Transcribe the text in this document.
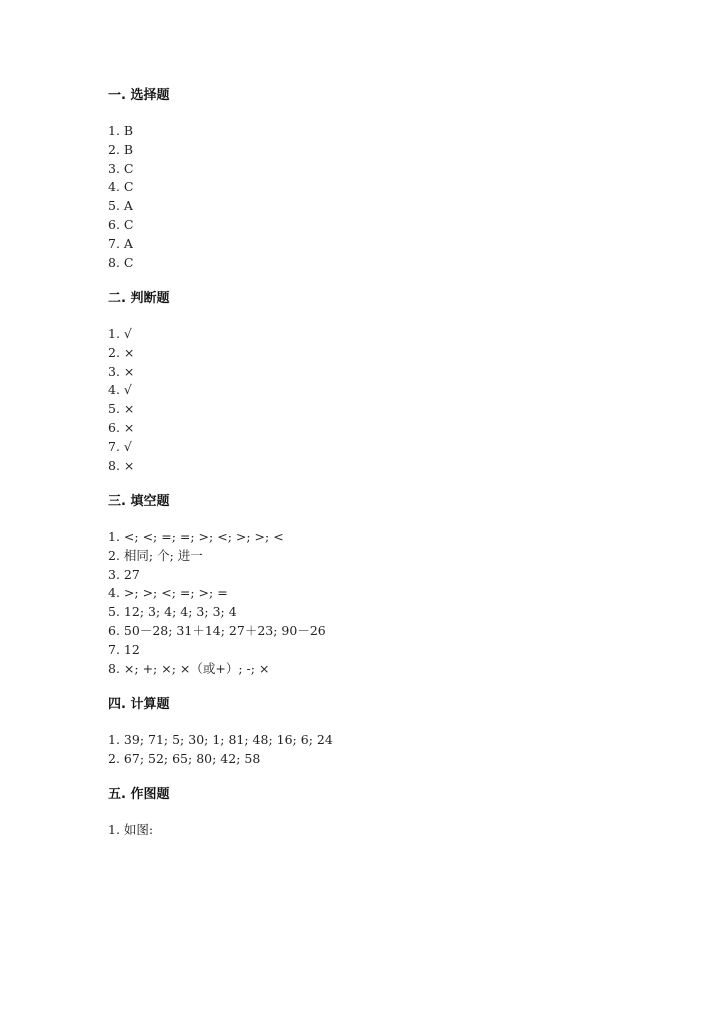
一. 选择题
1. B
2. B
3. C
4. C
5. A
6. C
7. A
8. C
二. 判断题
1. √
2. ×
3. ×
4. √
5. ×
6. ×
7. √
8. ×
三. 填空题
1. <; <; =; =; >; <; >; >; <
2. 相同; 个; 进一
3. 27
4. >; >; <; =; >; =
5. 12; 3; 4; 4; 3; 3; 4
6. 50－28; 31＋14; 27＋23; 90－26
7. 12
8. ×; +; ×; ×（或+）; -; ×
四. 计算题
1. 39; 71; 5; 30; 1; 81; 48; 16; 6; 24
2. 67; 52; 65; 80; 42; 58
五. 作图题
1. 如图:
